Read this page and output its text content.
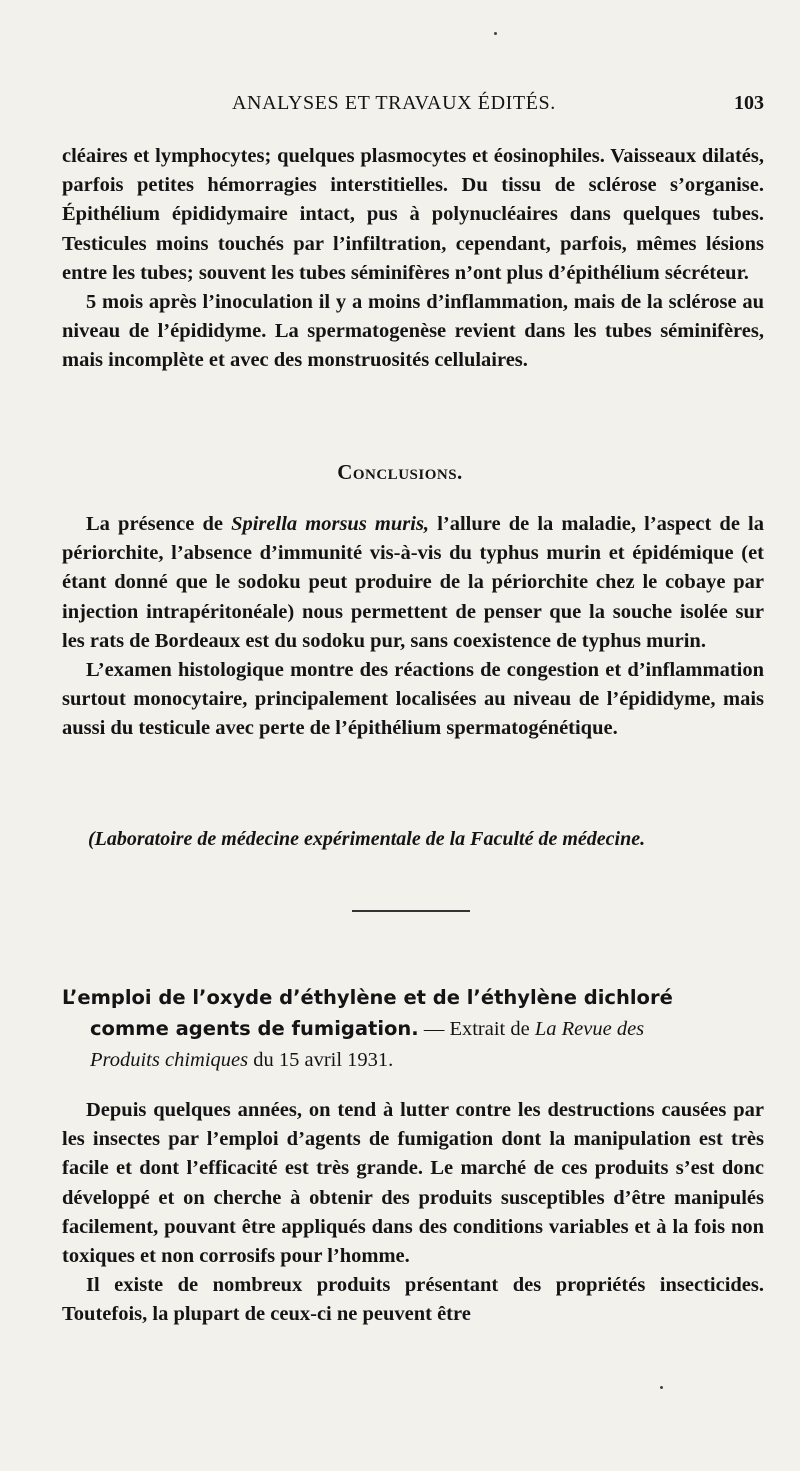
ANALYSES ET TRAVAUX ÉDITÉS.	103

cléaires et lymphocytes; quelques plasmocytes et éosinophiles. Vaisseaux dilatés, parfois petites hémorragies interstitielles. Du tissu de sclérose s’organise. Épithélium épididymaire intact, pus à polynucléaires dans quelques tubes. Testicules moins touchés par l’infiltration, cependant, parfois, mêmes lésions entre les tubes; souvent les tubes séminifères n’ont plus d’épithélium sécréteur.

5 mois après l’inoculation il y a moins d’inflammation, mais de la sclérose au niveau de l’épididyme. La spermatogenèse revient dans les tubes séminifères, mais incomplète et avec des monstruosités cellulaires.

Conclusions.

La présence de Spirella morsus muris, l’allure de la maladie, l’aspect de la périorchite, l’absence d’immunité vis-à-vis du typhus murin et épidémique (et étant donné que le sodoku peut produire de la périorchite chez le cobaye par injection intrapéritonéale) nous permettent de penser que la souche isolée sur les rats de Bordeaux est du sodoku pur, sans coexistence de typhus murin.

L’examen histologique montre des réactions de congestion et d’inflammation surtout monocytaire, principalement localisées au niveau de l’épididyme, mais aussi du testicule avec perte de l’épithélium spermatogénétique.

(Laboratoire de médecine expérimentale de la Faculté de médecine.
L’emploi de l’oxyde d’éthylène et de l’éthylène dichloré
comme agents de fumigation. — Extrait de La Revue des
Produits chimiques du 15 avril 1931.

Depuis quelques années, on tend à lutter contre les destructions causées par les insectes par l’emploi d’agents de fumigation dont la manipulation est très facile et dont l’efficacité est très grande. Le marché de ces produits s’est donc développé et on cherche à obtenir des produits susceptibles d’être manipulés facilement, pouvant être appliqués dans des conditions variables et à la fois non toxiques et non corrosifs pour l’homme.

Il existe de nombreux produits présentant des propriétés insecticides. Toutefois, la plupart de ceux-ci ne peuvent être
